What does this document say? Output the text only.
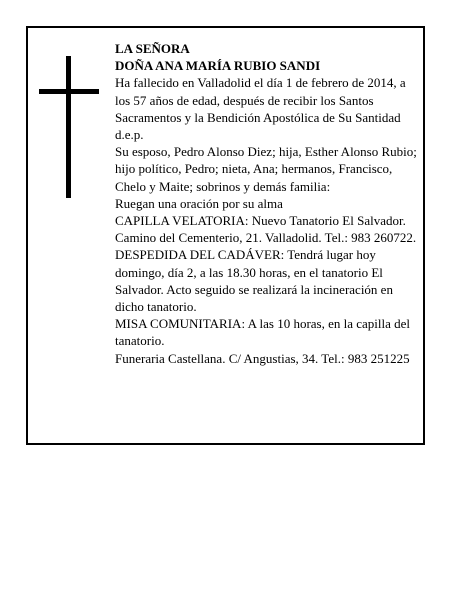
LA SEÑORA

DOÑA ANA MARÍA RUBIO SANDI

Ha fallecido en Valladolid el día 1 de febrero de 2014, a los 57 años de edad, después de recibir los Santos Sacramentos y la Bendición Apostólica de Su Santidad d.e.p.

Su esposo, Pedro Alonso Diez; hija, Esther Alonso Rubio; hijo político, Pedro; nieta, Ana; hermanos, Francisco, Chelo y Maite; sobrinos y demás familia:

Ruegan una oración por su alma

CAPILLA VELATORIA: Nuevo Tanatorio El Salvador. Camino del Cementerio, 21. Valladolid. Tel.: 983 260722.

DESPEDIDA DEL CADÁVER: Tendrá lugar hoy domingo, día 2, a las 18.30 horas, en el tanatorio El Salvador. Acto seguido se realizará la incineración en dicho tanatorio.

MISA COMUNITARIA: A las 10 horas, en la capilla del tanatorio.

Funeraria Castellana. C/ Angustias, 34. Tel.: 983 251225
